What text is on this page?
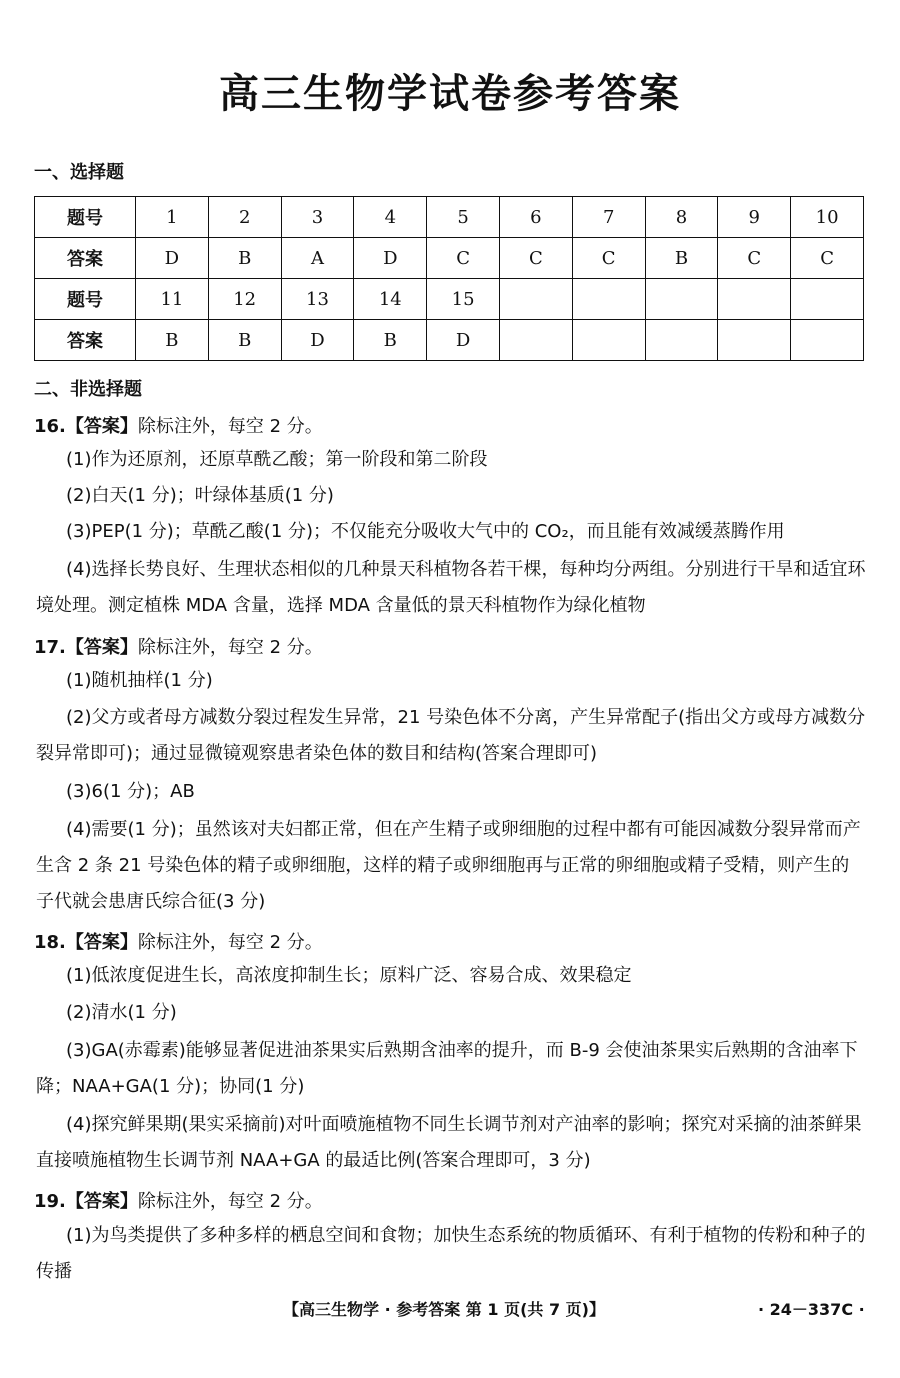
高三生物学试卷参考答案
一、选择题
题号	1	2	3	4	5	6	7	8	9	10
答案	D	B	A	D	C	C	C	B	C	C
题号	11	12	13	14	15					
答案	B	B	D	B	D					
二、非选择题
16.【答案】除标注外，每空 2 分。
(1)作为还原剂，还原草酰乙酸；第一阶段和第二阶段
(2)白天(1 分)；叶绿体基质(1 分)
(3)PEP(1 分)；草酰乙酸(1 分)；不仅能充分吸收大气中的 CO₂，而且能有效减缓蒸腾作用
(4)选择长势良好、生理状态相似的几种景天科植物各若干棵，每种均分两组。分别进行干旱和适宜环境处理。测定植株 MDA 含量，选择 MDA 含量低的景天科植物作为绿化植物
17.【答案】除标注外，每空 2 分。
(1)随机抽样(1 分)
(2)父方或者母方减数分裂过程发生异常，21 号染色体不分离，产生异常配子(指出父方或母方减数分裂异常即可)；通过显微镜观察患者染色体的数目和结构(答案合理即可)
(3)6(1 分)；AB
(4)需要(1 分)；虽然该对夫妇都正常，但在产生精子或卵细胞的过程中都有可能因减数分裂异常而产生含 2 条 21 号染色体的精子或卵细胞，这样的精子或卵细胞再与正常的卵细胞或精子受精，则产生的子代就会患唐氏综合征(3 分)
18.【答案】除标注外，每空 2 分。
(1)低浓度促进生长，高浓度抑制生长；原料广泛、容易合成、效果稳定
(2)清水(1 分)
(3)GA(赤霉素)能够显著促进油茶果实后熟期含油率的提升，而 B-9 会使油茶果实后熟期的含油率下降；NAA+GA(1 分)；协同(1 分)
(4)探究鲜果期(果实采摘前)对叶面喷施植物不同生长调节剂对产油率的影响；探究对采摘的油茶鲜果直接喷施植物生长调节剂 NAA+GA 的最适比例(答案合理即可，3 分)
19.【答案】除标注外，每空 2 分。
(1)为鸟类提供了多种多样的栖息空间和食物；加快生态系统的物质循环、有利于植物的传粉和种子的传播
【高三生物学 · 参考答案 第 1 页(共 7 页)】	· 24－337C ·
